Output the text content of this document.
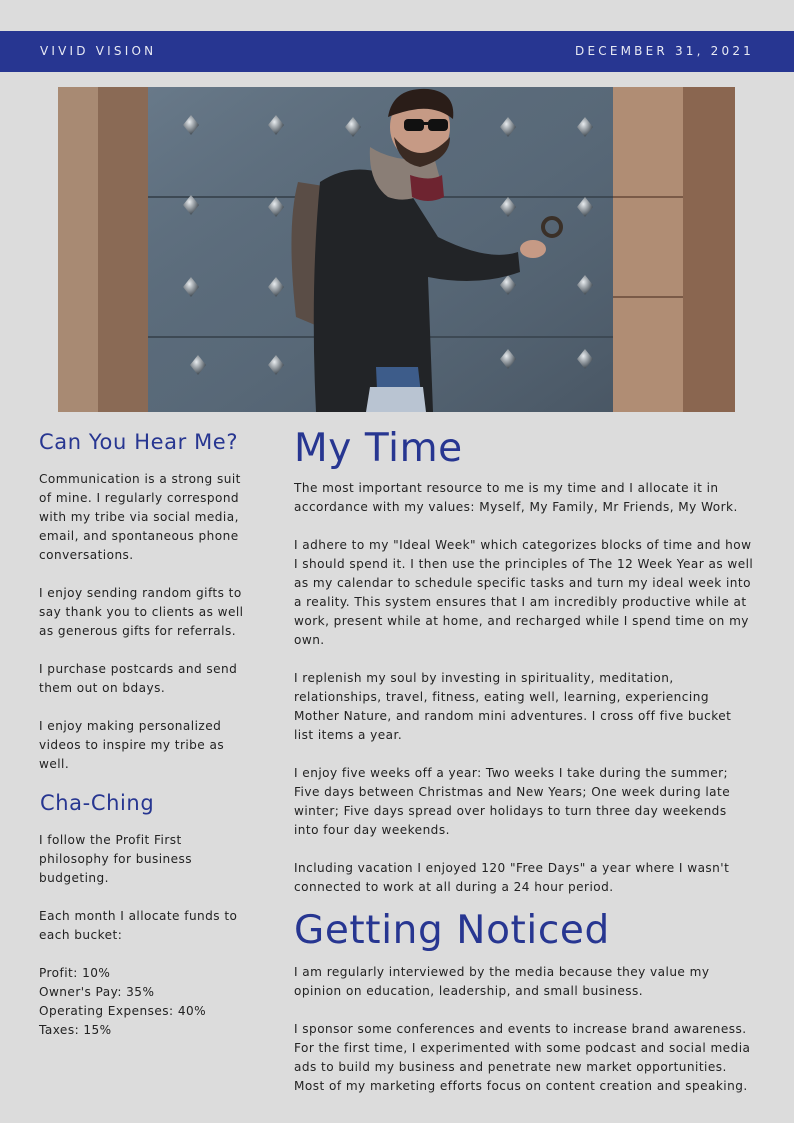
VIVID VISION	DECEMBER 31, 2021
Can You Hear Me?

Communication is a strong suit of mine. I regularly correspond with my tribe via social media, email, and spontaneous phone conversations.

I enjoy sending random gifts to say thank you to clients as well as generous gifts for referrals.

I purchase postcards and send them out on bdays.

I enjoy making personalized videos to inspire my tribe as well.

Cha-Ching

I follow the Profit First philosophy for business budgeting.

Each month I allocate funds to each bucket:

Profit: 10%
Owner's Pay: 35%
Operating Expenses: 40%
Taxes: 15%
My Time

The most important resource to me is my time and I allocate it in accordance with my values: Myself, My Family, Mr Friends, My Work.

I adhere to my "Ideal Week" which categorizes blocks of time and how I should spend it. I then use the principles of The 12 Week Year as well as my calendar to schedule specific tasks and turn my ideal week into a reality. This system ensures that I am incredibly productive while at work, present while at home, and recharged while I spend time on my own.

I replenish my soul by investing in spirituality, meditation, relationships, travel, fitness, eating well, learning, experiencing Mother Nature, and random mini adventures. I cross off five bucket list items a year.

I enjoy five weeks off a year: Two weeks I take during the summer; Five days between Christmas and New Years; One week during late winter; Five days spread over holidays to turn three day weekends into four day weekends.

Including vacation I enjoyed 120 "Free Days" a year where I wasn't connected to work at all during a 24 hour period.

Getting Noticed

I am regularly interviewed by the media because they value my opinion on education, leadership, and small business.

I sponsor some conferences and events to increase brand awareness. For the first time, I experimented with some podcast and social media ads to build my business and penetrate new market opportunities. Most of my marketing efforts focus on content creation and speaking.
